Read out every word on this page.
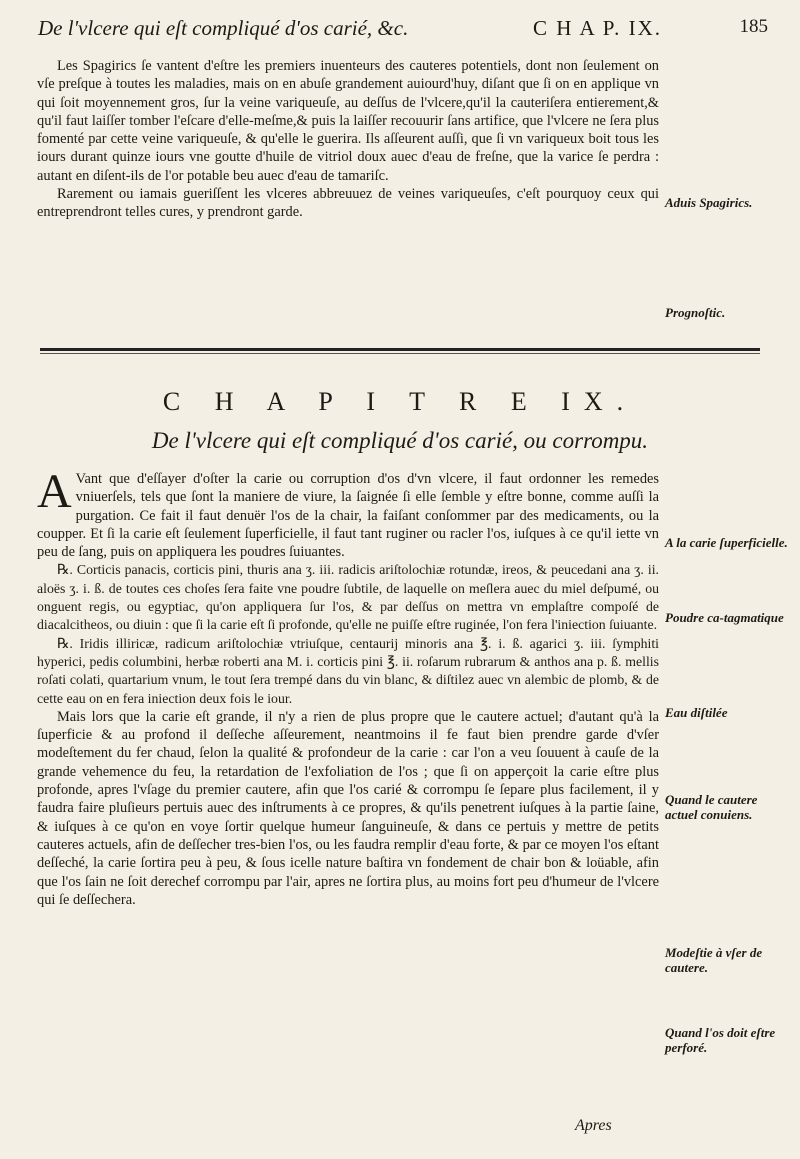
De l'vlcere qui eſt compliqué d'os carié, &c.	C H A P. IX.	185

Les Spagirics ſe vantent d'eſtre les premiers inuenteurs des cauteres potentiels, dont non ſeulement on vſe preſque à toutes les maladies, mais on en abuſe grandement auiourd'huy, diſant que ſi on en applique vn qui ſoit moyennement gros, ſur la veine variqueuſe, au deſſus de l'vlcere,qu'il la cauteriſera entierement,& qu'il faut laiſſer tomber l'eſcare d'elle-meſme,& puis la laiſſer recouurir ſans artifice, que l'vlcere ne ſera plus fomenté par cette veine variqueuſe, & qu'elle le guerira. Ils aſſeurent auſſi, que ſi vn variqueux boit tous les iours durant quinze iours vne goutte d'huile de vitriol doux auec d'eau de freſne, que la varice ſe perdra : autant en diſent-ils de l'or potable beu auec d'eau de tamariſc.

Rarement ou iamais gueriſſent les vlceres abbreuuez de veines variqueuſes, c'eſt pourquoy ceux qui entreprendront telles cures, y prendront garde.

Aduis Spagirics.
Prognoſtic.
C H A P I T R E IX.
De l'vlcere qui eſt compliqué d'os carié, ou corrompu.

A Vant que d'eſſayer d'oſter la carie ou corruption d'os d'vn vlcere, il faut ordonner les remedes vniuerſels, tels que ſont la maniere de viure, la ſaignée ſi elle ſemble y eſtre bonne, comme auſſi la purgation. Ce fait il faut denuër l'os de la chair, la faiſant conſommer par des medicaments, ou la coupper. Et ſi la carie eſt ſeulement ſuperficielle, il faut tant ruginer ou racler l'os, iuſques à ce qu'il iette vn peu de ſang, puis on appliquera les poudres ſuiuantes.

℞. Corticis panacis, corticis pini, thuris ana ʒ. iii. radicis ariſtolochiæ rotundæ, ireos, & peucedani ana ʒ. ii. aloës ʒ. i. ß. de toutes ces choſes ſera faite vne poudre ſubtile, de laquelle on meſlera auec du miel deſpumé, ou onguent regis, ou egyptiac, qu'on appliquera ſur l'os, & par deſſus on mettra vn emplaſtre compoſé de diacalcitheos, ou diuin : que ſi la carie eſt ſi profonde, qu'elle ne puiſſe eſtre ruginée, l'on fera l'iniection ſuiuante.

℞. Iridis illiricæ, radicum ariſtolochiæ vtriuſque, centaurij minoris ana ℥. i. ß. agarici ʒ. iii. ſymphiti hyperici, pedis columbini, herbæ roberti ana M. i. corticis pini ℥. ii. roſarum rubrarum & anthos ana p. ß. mellis roſati colati, quartarium vnum, le tout ſera trempé dans du vin blanc, & diſtilez auec vn alembic de plomb, & de cette eau on en fera iniection deux fois le iour.

Mais lors que la carie eſt grande, il n'y a rien de plus propre que le cautere actuel; d'autant qu'à la ſuperficie & au profond il deſſeche aſſeurement, neantmoins il fe faut bien prendre garde d'vſer modeſtement du fer chaud, ſelon la qualité & profondeur de la carie : car l'on a veu ſouuent à cauſe de la grande vehemence du feu, la retardation de l'exfoliation de l'os ; que ſi on apperçoit la carie eſtre plus profonde, apres l'vſage du premier cautere, afin que l'os carié & corrompu ſe ſepare plus facilement, il y faudra faire pluſieurs pertuis auec des inſtruments à ce propres, & qu'ils penetrent iuſques à la partie ſaine, & iuſques à ce qu'on en voye ſortir quelque humeur ſanguineuſe, & dans ce pertuis y mettre de petits cauteres actuels, afin de deſſecher tres-bien l'os, ou les faudra remplir d'eau forte, & par ce moyen l'os eſtant deſſeché, la carie ſortira peu à peu, & ſous icelle nature baſtira vn fondement de chair bon & loüable, afin que l'os ſain ne ſoit derechef corrompu par l'air, apres ne ſortira plus, au moins fort peu d'humeur de l'vlcere qui ſe deſſechera.

A la carie ſuperficielle.
Poudre ca-tagmatique
Eau diſtilée
Quand le cautere actuel conuiens.
Modeſtie à vſer de cautere.
Quand l'os doit eſtre perforé.
Apres
